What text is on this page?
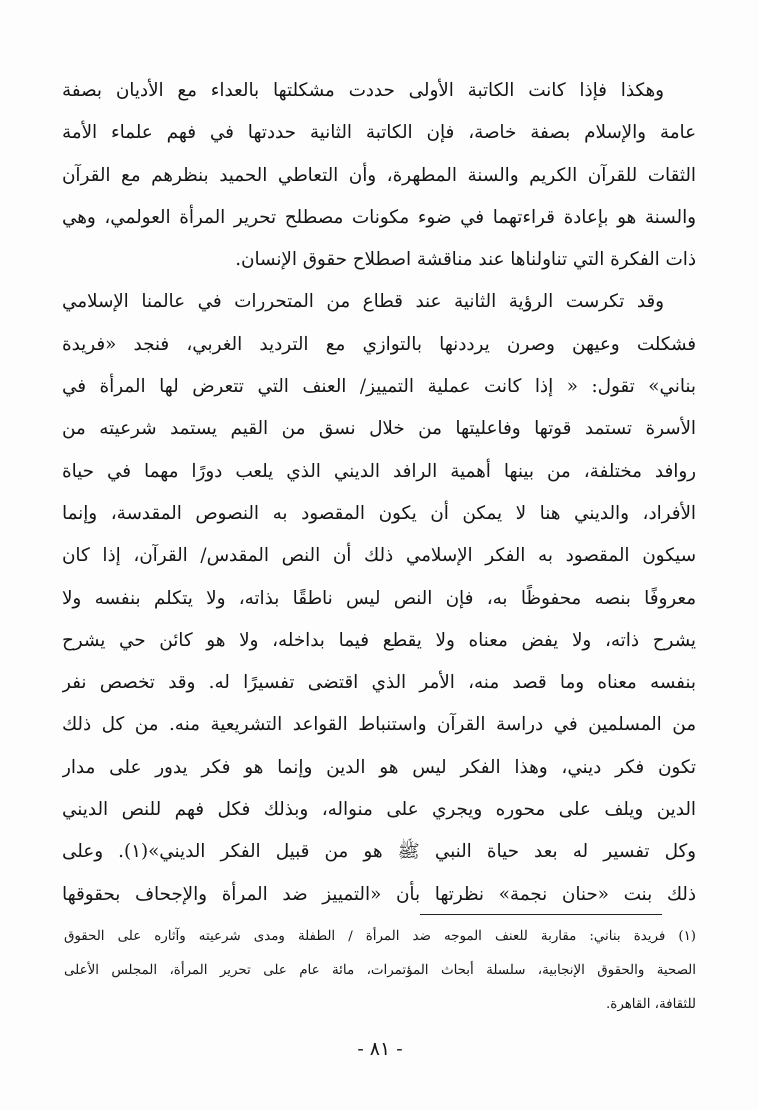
وهكذا فإذا كانت الكاتبة الأولى حددت مشكلتها بالعداء مع الأديان بصفة
عامة والإسلام بصفة خاصة، فإن الكاتبة الثانية حددتها في فهم علماء الأمة
الثقات للقرآن الكريم والسنة المطهرة، وأن التعاطي الحميد بنظرهم مع القرآن
والسنة هو بإعادة قراءتهما في ضوء مكونات مصطلح تحرير المرأة العولمي، وهي
ذات الفكرة التي تناولناها عند مناقشة اصطلاح حقوق الإنسان.
وقد تكرست الرؤية الثانية عند قطاع من المتحررات في عالمنا الإسلامي
فشكلت وعيهن وصرن يرددنها بالتوازي مع الترديد الغربي، فنجد «فريدة
بناني» تقول: « إذا كانت عملية التمييز/ العنف التي تتعرض لها المرأة في
الأسرة تستمد قوتها وفاعليتها من خلال نسق من القيم يستمد شرعيته من
روافد مختلفة، من بينها أهمية الرافد الديني الذي يلعب دورًا مهما في حياة
الأفراد، والديني هنا لا يمكن أن يكون المقصود به النصوص المقدسة، وإنما
سيكون المقصود به الفكر الإسلامي ذلك أن النص المقدس/ القرآن، إذا كان
معروفًا بنصه محفوظًا به، فإن النص ليس ناطقًا بذاته، ولا يتكلم بنفسه ولا
يشرح ذاته، ولا يفض معناه ولا يقطع فيما بداخله، ولا هو كائن حي يشرح
بنفسه معناه وما قصد منه، الأمر الذي اقتضى تفسيرًا له. وقد تخصص نفر
من المسلمين في دراسة القرآن واستنباط القواعد التشريعية منه. من كل ذلك
تكون فكر ديني، وهذا الفكر ليس هو الدين وإنما هو فكر يدور على مدار
الدين ويلف على محوره ويجري على منواله، وبذلك فكل فهم للنص الديني
وكل تفسير له بعد حياة النبي ﷺ هو من قبيل الفكر الديني»(١). وعلى
ذلك بنت «حنان نجمة» نظرتها بأن «التمييز ضد المرأة والإجحاف بحقوقها
(١) فريدة بناني: مقاربة للعنف الموجه ضد المرأة / الطفلة ومدى شرعيته وآثاره على الحقوق
الصحية والحقوق الإنجابية، سلسلة أبحاث المؤتمرات، مائة عام على تحرير المرأة، المجلس الأعلى
للثقافة، القاهرة.
- ٨١ -
